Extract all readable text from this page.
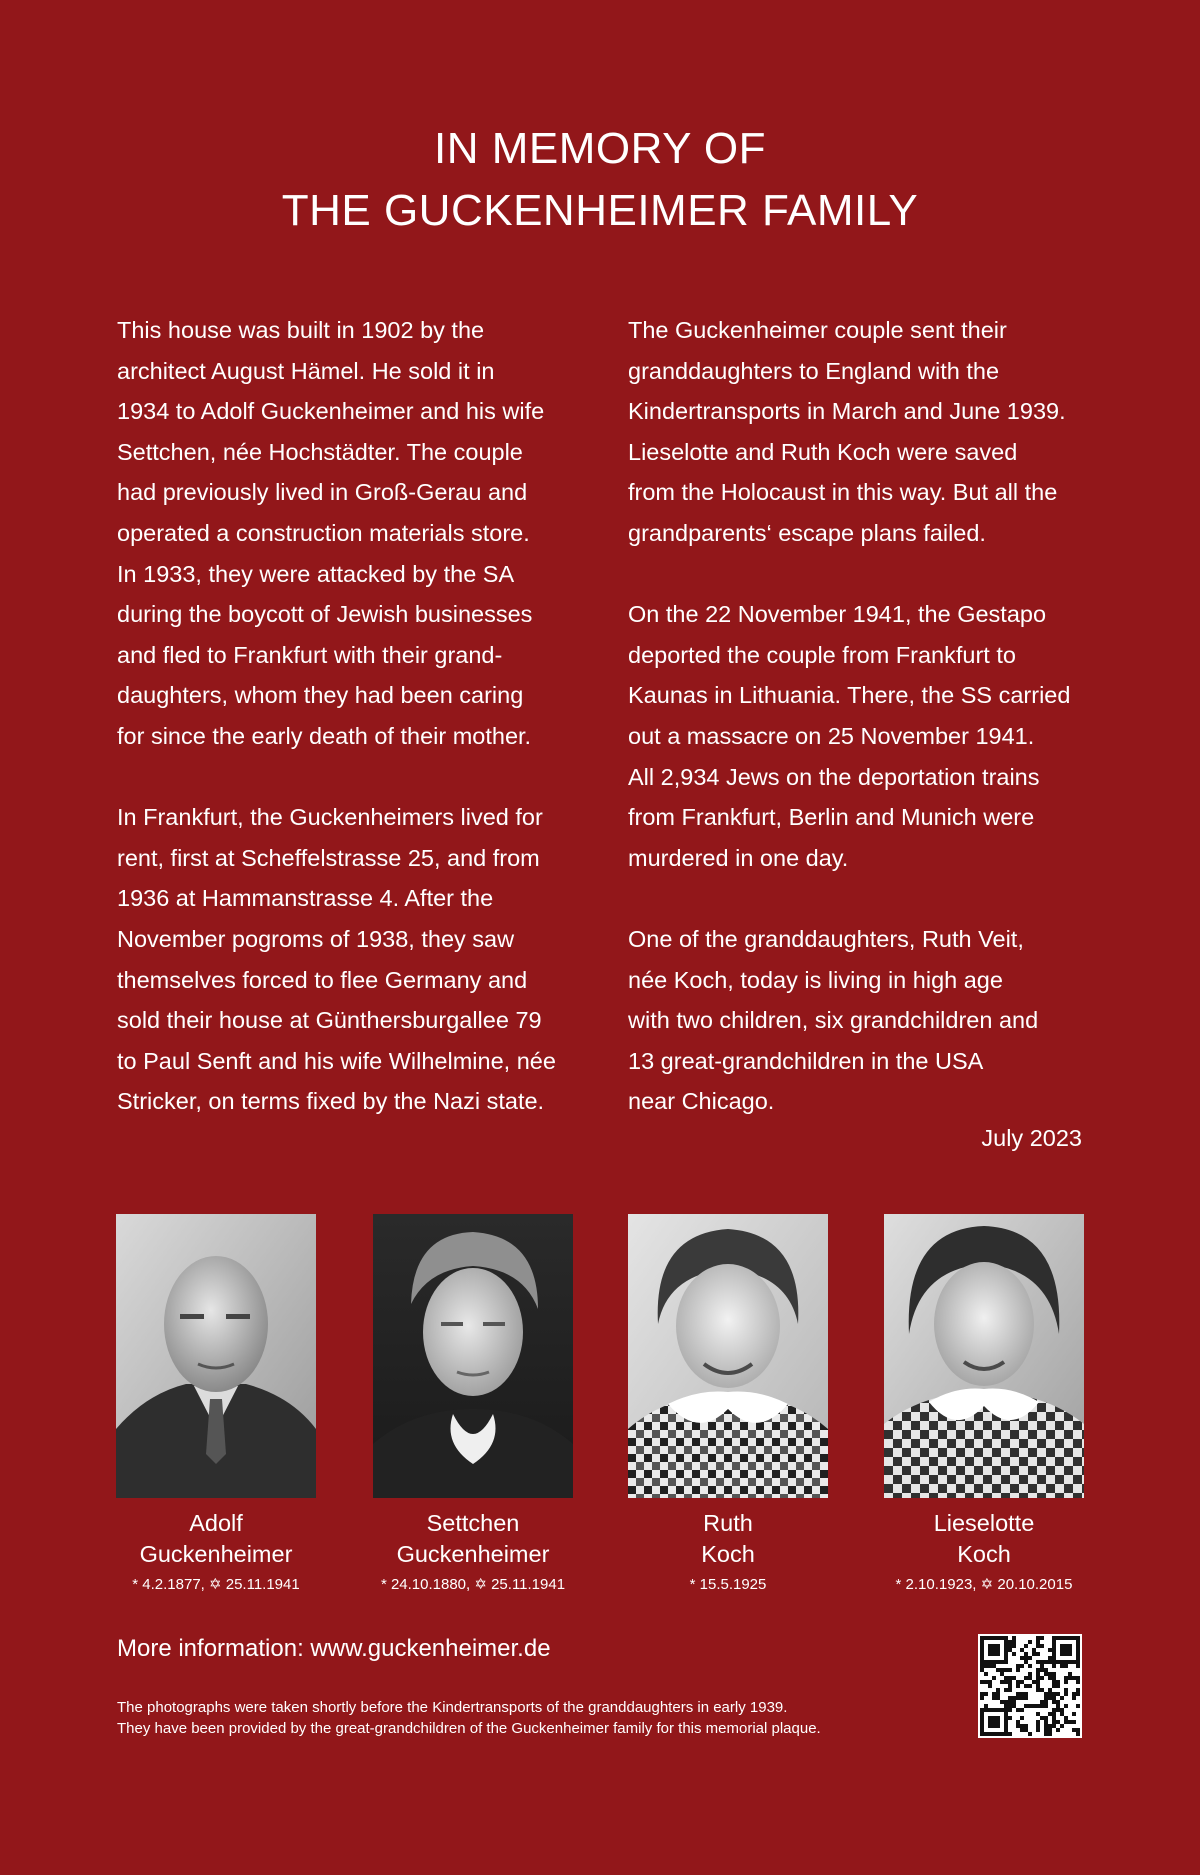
IN MEMORY OF
THE GUCKENHEIMER FAMILY
This house was built in 1902 by the
architect August Hämel. He sold it in
1934 to Adolf Guckenheimer and his wife
Settchen, née Hochstädter. The couple
had previously lived in Groß-Gerau and
operated a construction materials store.
In 1933, they were attacked by the SA
during the boycott of Jewish businesses
and fled to Frankfurt with their grand-
daughters, whom they had been caring
for since the early death of their mother.
In Frankfurt, the Guckenheimers lived for
rent, first at Scheffelstrasse 25, and from
1936 at Hammanstrasse 4. After the
November pogroms of 1938, they saw
themselves forced to flee Germany and
sold their house at Günthersburgallee 79
to Paul Senft and his wife Wilhelmine, née
Stricker, on terms fixed by the Nazi state.
The Guckenheimer couple sent their
granddaughters to England with the
Kindertransports in March and June 1939.
Lieselotte and Ruth Koch were saved
from the Holocaust in this way. But all the
grandparents‘ escape plans failed.
On the 22 November 1941, the Gestapo
deported the couple from Frankfurt to
Kaunas in Lithuania. There, the SS carried
out a massacre on 25 November 1941.
All 2,934 Jews on the deportation trains
from Frankfurt, Berlin and Munich were
murdered in one day.
One of the granddaughters, Ruth Veit,
née Koch, today is living in high age
with two children, six grandchildren and
13 great-grandchildren in the USA
near Chicago.
July 2023
Adolf
Guckenheimer
* 4.2.1877, ✡ 25.11.1941
Settchen
Guckenheimer
* 24.10.1880, ✡ 25.11.1941
Ruth
Koch
* 15.5.1925
Lieselotte
Koch
* 2.10.1923, ✡ 20.10.2015
More information: www.guckenheimer.de
The photographs were taken shortly before the Kindertransports of the granddaughters in early 1939.
They have been provided by the great-grandchildren of the Guckenheimer family for this memorial plaque.
